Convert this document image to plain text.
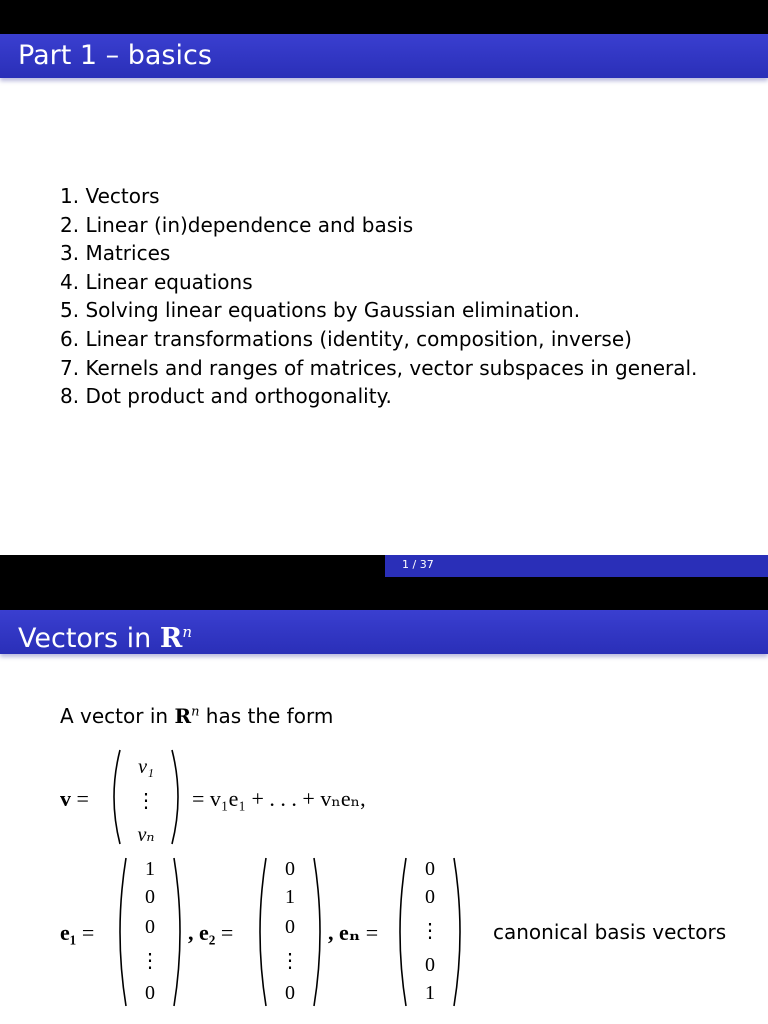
Part 1 – basics
1. Vectors
2. Linear (in)dependence and basis
3. Matrices
4. Linear equations
5. Solving linear equations by Gaussian elimination.
6. Linear transformations (identity, composition, inverse)
7. Kernels and ranges of matrices, vector subspaces in general.
8. Dot product and orthogonality.
1 / 37
Vectors in $R^n$
A vector in $R^n$ has the form
v =
v₁
⋮
vₙ
= v₁e₁ + . . . + vₙeₙ,
e₁ =
1
0
0
⋮
0
, e₂ =
0
1
0
⋮
0
, eₙ =
0
0
⋮
0
1
canonical basis vectors
